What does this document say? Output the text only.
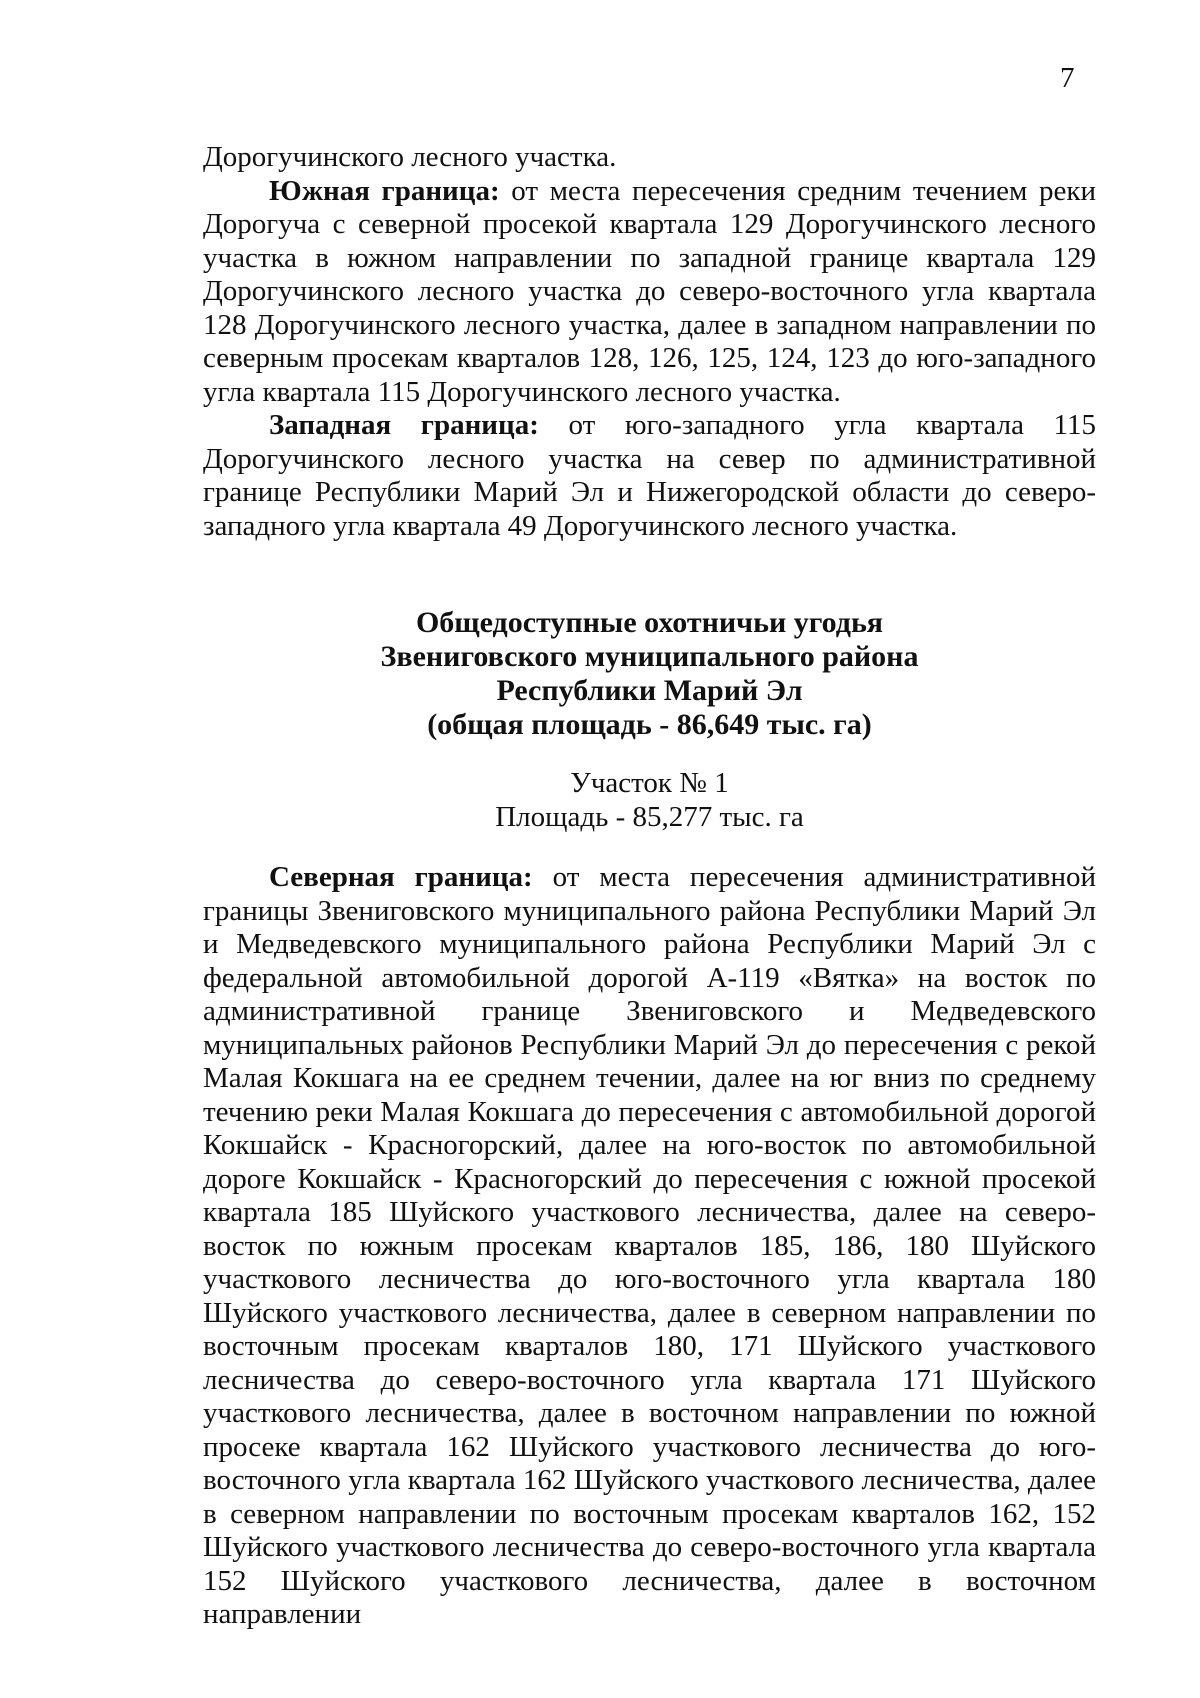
7

Дорогучинского лесного участка.

Южная граница: от места пересечения средним течением реки Дорогуча с северной просекой квартала 129 Дорогучинского лесного участка в южном направлении по западной границе квартала 129 Дорогучинского лесного участка до северо-восточного угла квартала 128 Дорогучинского лесного участка, далее в западном направлении по северным просекам кварталов 128, 126, 125, 124, 123 до юго-западного угла квартала 115 Дорогучинского лесного участка.

Западная граница: от юго-западного угла квартала 115 Дорогучинского лесного участка на север по административной границе Республики Марий Эл и Нижегородской области до северо-западного угла квартала 49 Дорогучинского лесного участка.

Общедоступные охотничьи угодья
Звениговского муниципального района
Республики Марий Эл
(общая площадь - 86,649 тыс. га)
Участок № 1
Площадь - 85,277 тыс. га

Северная граница: от места пересечения административной границы Звениговского муниципального района Республики Марий Эл и Медведевского муниципального района Республики Марий Эл с федеральной автомобильной дорогой А-119 «Вятка» на восток по административной границе Звениговского и Медведевского муниципальных районов Республики Марий Эл до пересечения с рекой Малая Кокшага на ее среднем течении, далее на юг вниз по среднему течению реки Малая Кокшага до пересечения с автомобильной дорогой Кокшайск - Красногорский, далее на юго-восток по автомобильной дороге Кокшайск - Красногорский до пересечения с южной просекой квартала 185 Шуйского участкового лесничества, далее на северо-восток по южным просекам кварталов 185, 186, 180 Шуйского участкового лесничества до юго-восточного угла квартала 180 Шуйского участкового лесничества, далее в северном направлении по восточным просекам кварталов 180, 171 Шуйского участкового лесничества до северо-восточного угла квартала 171 Шуйского участкового лесничества, далее в восточном направлении по южной просеке квартала 162 Шуйского участкового лесничества до юго-восточного угла квартала 162 Шуйского участкового лесничества, далее в северном направлении по восточным просекам кварталов 162, 152 Шуйского участкового лесничества до северо-восточного угла квартала 152 Шуйского участкового лесничества, далее в восточном направлении
